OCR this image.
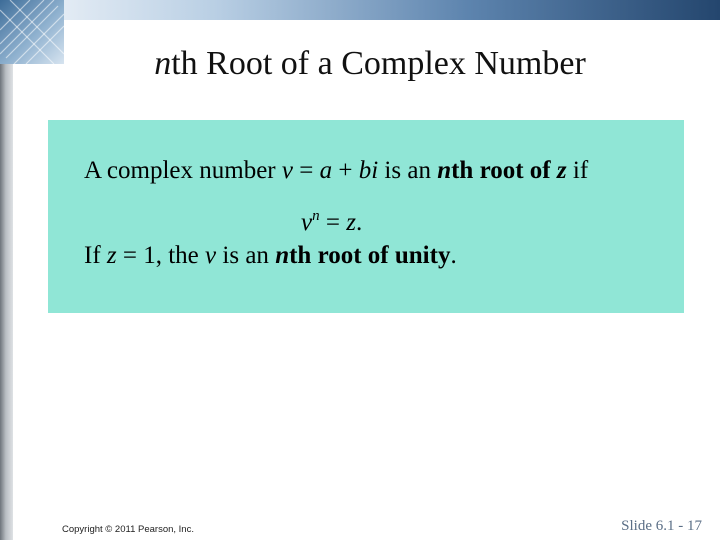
nth Root of a Complex Number
A complex number v = a + bi is an nth root of z if
$v^n = z$.
If z = 1, the v is an nth root of unity.
Copyright © 2011 Pearson, Inc.	Slide 6.1 - 17
